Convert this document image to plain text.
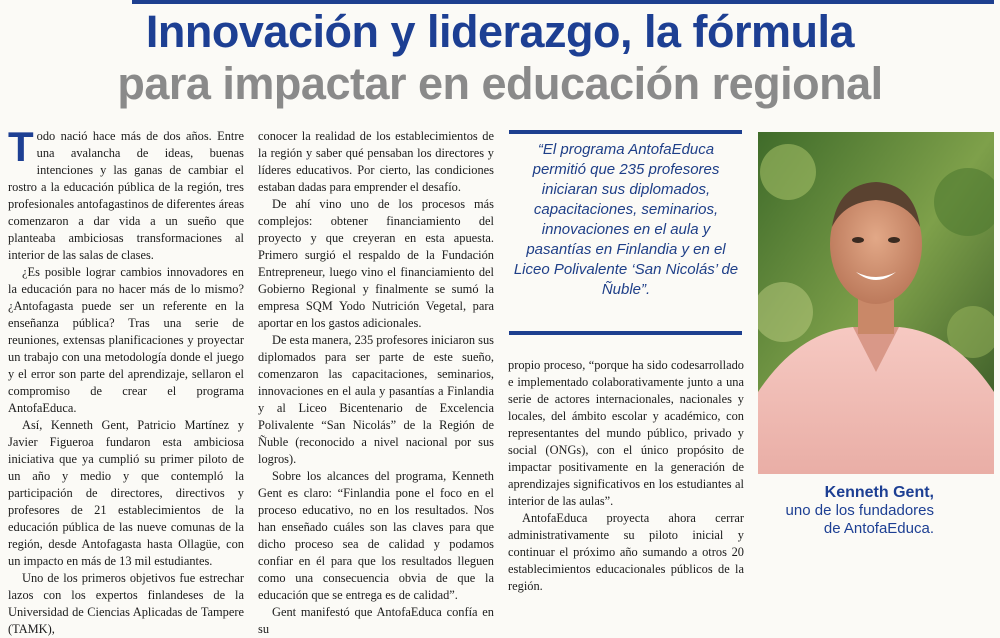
Innovación y liderazgo, la fórmula
para impactar en educación regional

Todo nació hace más de dos años. Entre una avalancha de ideas, buenas intenciones y las ganas de cambiar el rostro a la educación pública de la región, tres profesionales antofagastinos de diferentes áreas comenzaron a dar vida a un sueño que planteaba ambiciosas transformaciones al interior de las salas de clases.

¿Es posible lograr cambios innovadores en la educación para no hacer más de lo mismo? ¿Antofagasta puede ser un referente en la enseñanza pública? Tras una serie de reuniones, extensas planificaciones y proyectar un trabajo con una metodología donde el juego y el error son parte del aprendizaje, sellaron el compromiso de crear el programa AntofaEduca.

Así, Kenneth Gent, Patricio Martínez y Javier Figueroa fundaron esta ambiciosa iniciativa que ya cumplió su primer piloto de un año y medio y que contempló la participación de directores, directivos y profesores de 21 establecimientos de la educación pública de las nueve comunas de la región, desde Antofagasta hasta Ollagüe, con un impacto en más de 13 mil estudiantes.

Uno de los primeros objetivos fue estrechar lazos con los expertos finlandeses de la Universidad de Ciencias Aplicadas de Tampere (TAMK),

conocer la realidad de los establecimientos de la región y saber qué pensaban los directores y líderes educativos. Por cierto, las condiciones estaban dadas para emprender el desafío.

De ahí vino uno de los procesos más complejos: obtener financiamiento del proyecto y que creyeran en esta apuesta. Primero surgió el respaldo de la Fundación Entrepreneur, luego vino el financiamiento del Gobierno Regional y finalmente se sumó la empresa SQM Yodo Nutrición Vegetal, para aportar en los gastos adicionales.

De esta manera, 235 profesores iniciaron sus diplomados para ser parte de este sueño, comenzaron las capacitaciones, seminarios, innovaciones en el aula y pasantías a Finlandia y al Liceo Bicentenario de Excelencia Polivalente “San Nicolás” de la Región de Ñuble (reconocido a nivel nacional por sus logros).

Sobre los alcances del programa, Kenneth Gent es claro: “Finlandia pone el foco en el proceso educativo, no en los resultados. Nos han enseñado cuáles son las claves para que dicho proceso sea de calidad y podamos confiar en él para que los resultados lleguen como una consecuencia obvia de que la educación que se entrega es de calidad”.

Gent manifestó que AntofaEduca confía en su

“El programa AntofaEduca permitió que 235 profesores iniciaran sus diplomados, capacitaciones, seminarios, innovaciones en el aula y pasantías en Finlandia y en el Liceo Polivalente ‘San Nicolás’ de Ñuble”.

propio proceso, “porque ha sido codesarrollado e implementado colaborativamente junto a una serie de actores internacionales, nacionales y locales, del ámbito escolar y académico, con representantes del mundo público, privado y social (ONGs), con el único propósito de impactar positivamente en la generación de aprendizajes significativos en los estudiantes al interior de las aulas”.

AntofaEduca proyecta ahora cerrar administrativamente su piloto inicial y continuar el próximo año sumando a otros 20 establecimientos educacionales públicos de la región.

Kenneth Gent,
uno de los fundadores
de AntofaEduca.
